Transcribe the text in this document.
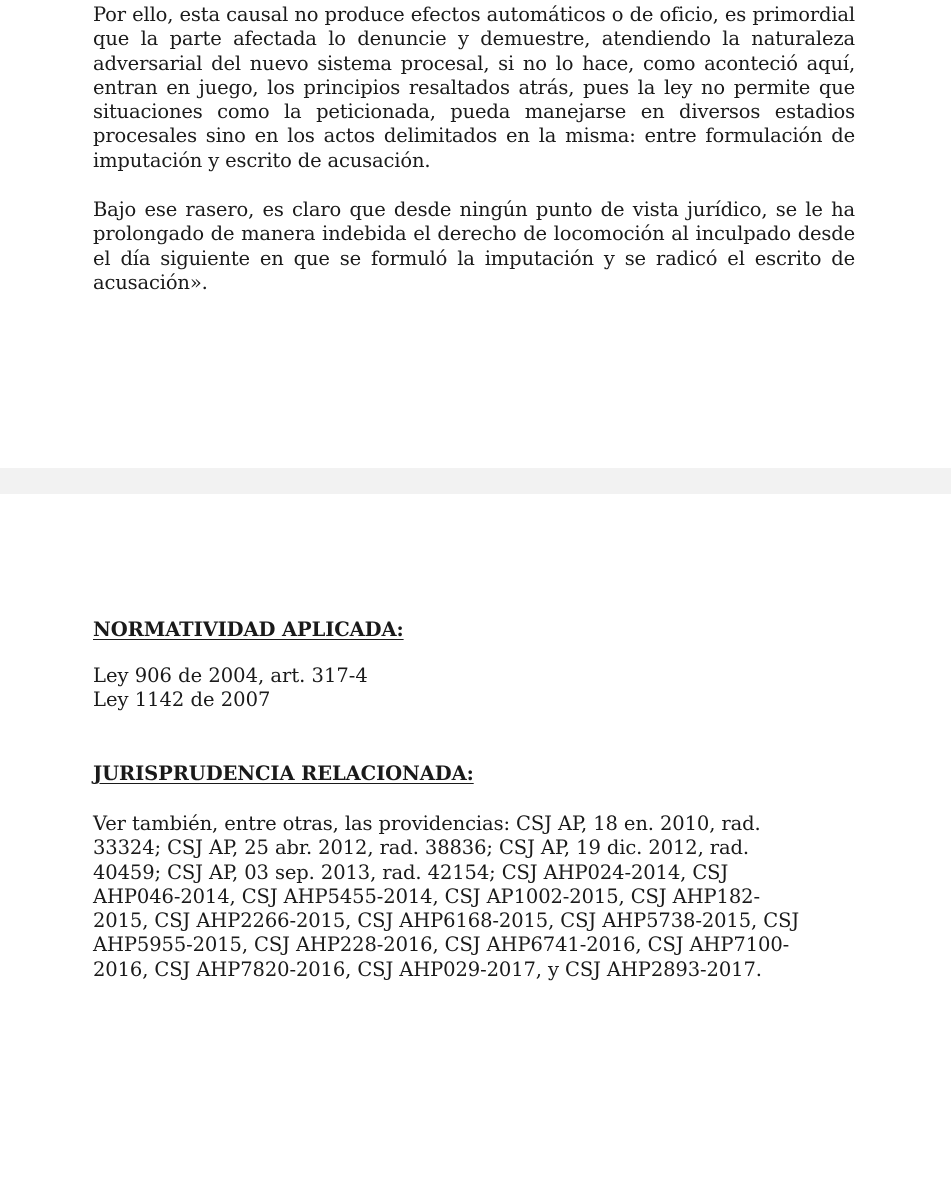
Por ello, esta causal no produce efectos automáticos o de oficio, es primordial que la parte afectada lo denuncie y demuestre, atendiendo la naturaleza adversarial del nuevo sistema procesal, si no lo hace, como aconteció aquí, entran en juego, los principios resaltados atrás, pues la ley no permite que situaciones como la peticionada, pueda manejarse en diversos estadios procesales sino en los actos delimitados en la misma: entre formulación de imputación y escrito de acusación.

Bajo ese rasero, es claro que desde ningún punto de vista jurídico, se le ha prolongado de manera indebida el derecho de locomoción al inculpado desde el día siguiente en que se formuló la imputación y se radicó el escrito de acusación».

NORMATIVIDAD APLICADA:
Ley 906 de 2004, art. 317-4
Ley 1142 de 2007
JURISPRUDENCIA RELACIONADA:

Ver también, entre otras, las providencias: CSJ AP, 18 en. 2010, rad.
33324; CSJ AP, 25 abr. 2012, rad. 38836; CSJ AP, 19 dic. 2012, rad.
40459; CSJ AP, 03 sep. 2013, rad. 42154; CSJ AHP024-2014, CSJ
AHP046-2014, CSJ AHP5455-2014, CSJ AP1002-2015, CSJ AHP182-
2015, CSJ AHP2266-2015, CSJ AHP6168-2015, CSJ AHP5738-2015, CSJ
AHP5955-2015, CSJ AHP228-2016, CSJ AHP6741-2016, CSJ AHP7100-
2016, CSJ AHP7820-2016, CSJ AHP029-2017, y CSJ AHP2893-2017.
